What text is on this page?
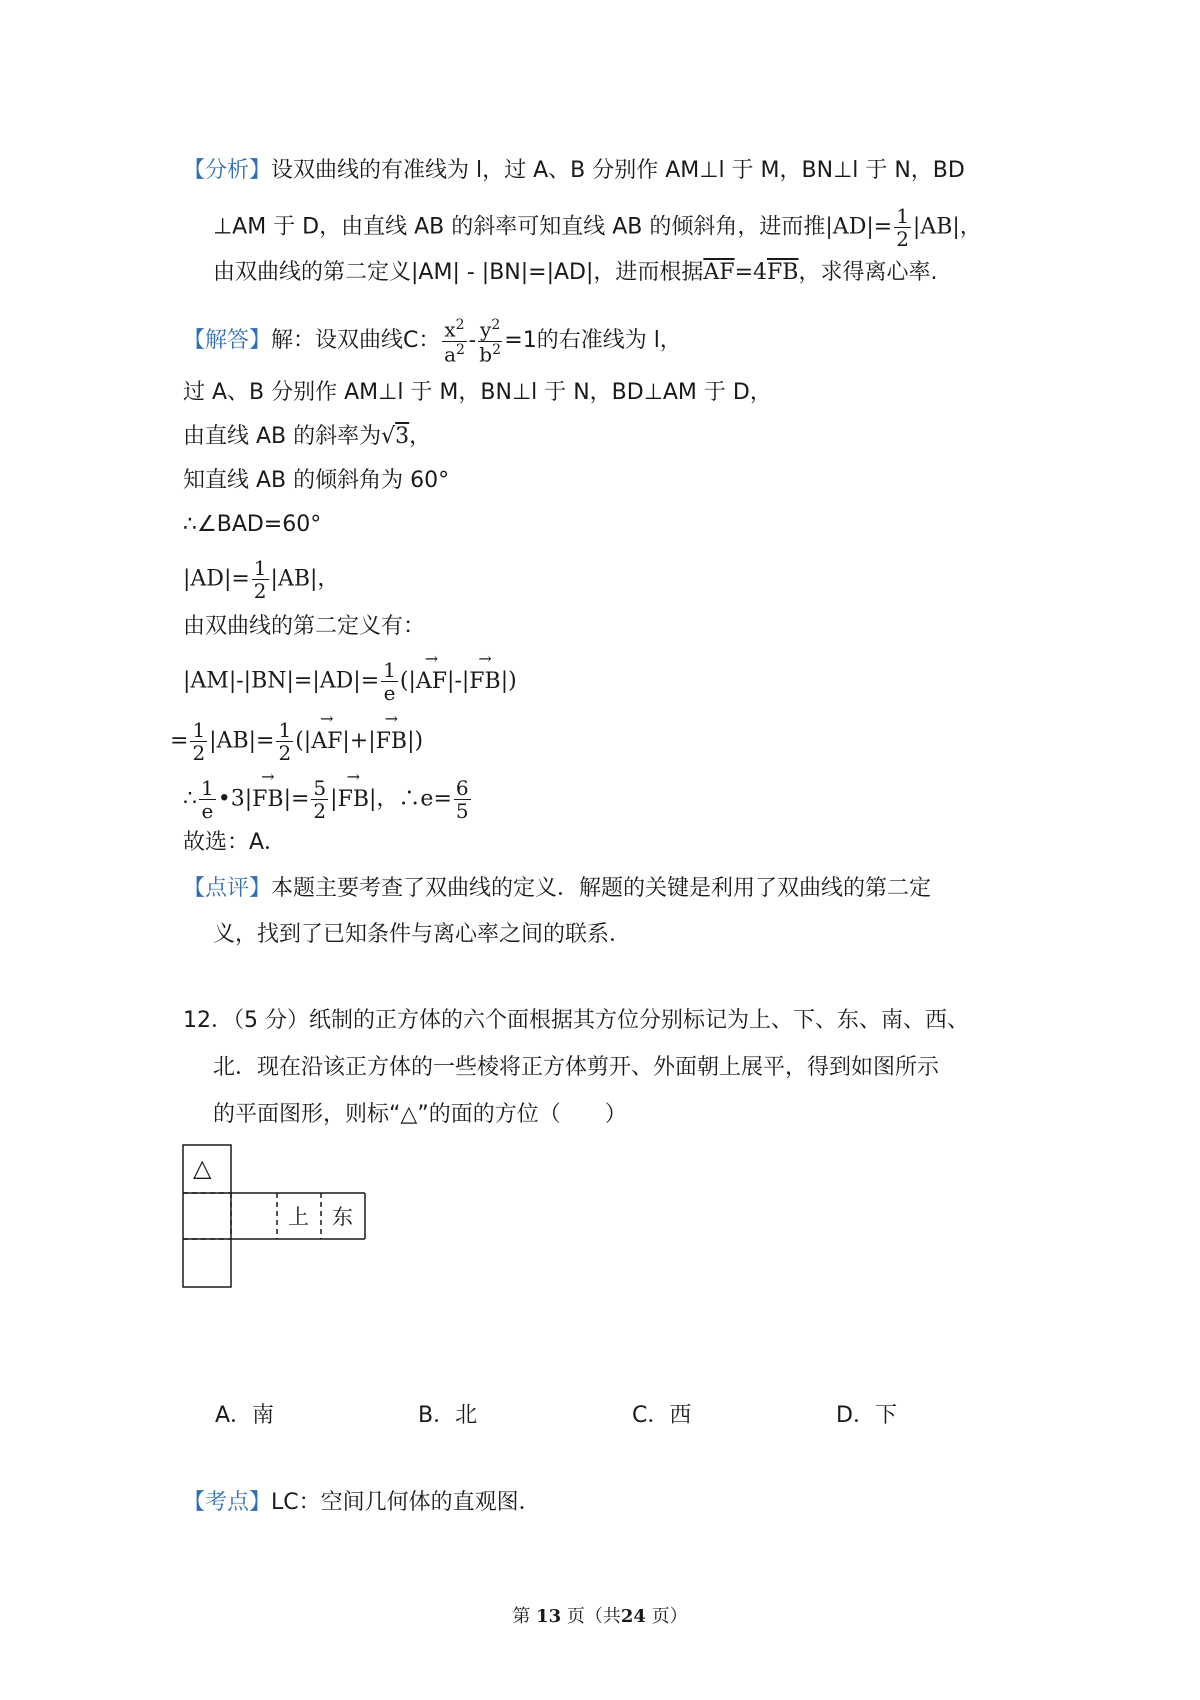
【分析】设双曲线的有准线为 l，过 A、B 分别作 AM⊥l 于 M，BN⊥l 于 N，BD
⊥AM 于 D，由直线 AB 的斜率可知直线 AB 的倾斜角，进而推$|AD|= \frac{1}{2} |AB|$，
由双曲线的第二定义|AM| - |BN|=|AD|，进而根据$\overline{AF}=4\overline{FB}$，求得离心率.
【解答】解：设双曲线C： $\frac{x^2}{a^2} - \frac{y^2}{b^2} =1$的右准线为 l，
过 A、B 分别作 AM⊥l 于 M，BN⊥l 于 N，BD⊥AM 于 D，
由直线 AB 的斜率为√3，
知直线 AB 的倾斜角为 60°
∴∠BAD=60°
$|AD|= \frac{1}{2} |AB|$，
由双曲线的第二定义有：
$|AM|-|BN|=|AD|= \frac{1}{e}$ (|→ AF|-|→ FB|)
= $\frac{1}{2} |AB|= \frac{1}{2}$ (|→ AF|+|→ FB|)
∴ $\frac{1}{e}$ •3|→ $FB|= \frac{5}{2}$ |→ FB|，∴e= $\frac{6}{5}$
故选：A．
【点评】本题主要考查了双曲线的定义．解题的关键是利用了双曲线的第二定
义，找到了已知条件与离心率之间的联系．
12．（5 分）纸制的正方体的六个面根据其方位分别标记为上、下、东、南、西、
北．现在沿该正方体的一些棱将正方体剪开、外面朝上展平，得到如图所示
的平面图形，则标“△”的面的方位（　　）
△
上 东
A．南	B．北	C．西	D．下
【考点】LC：空间几何体的直观图．
第 13 页（共24 页）
